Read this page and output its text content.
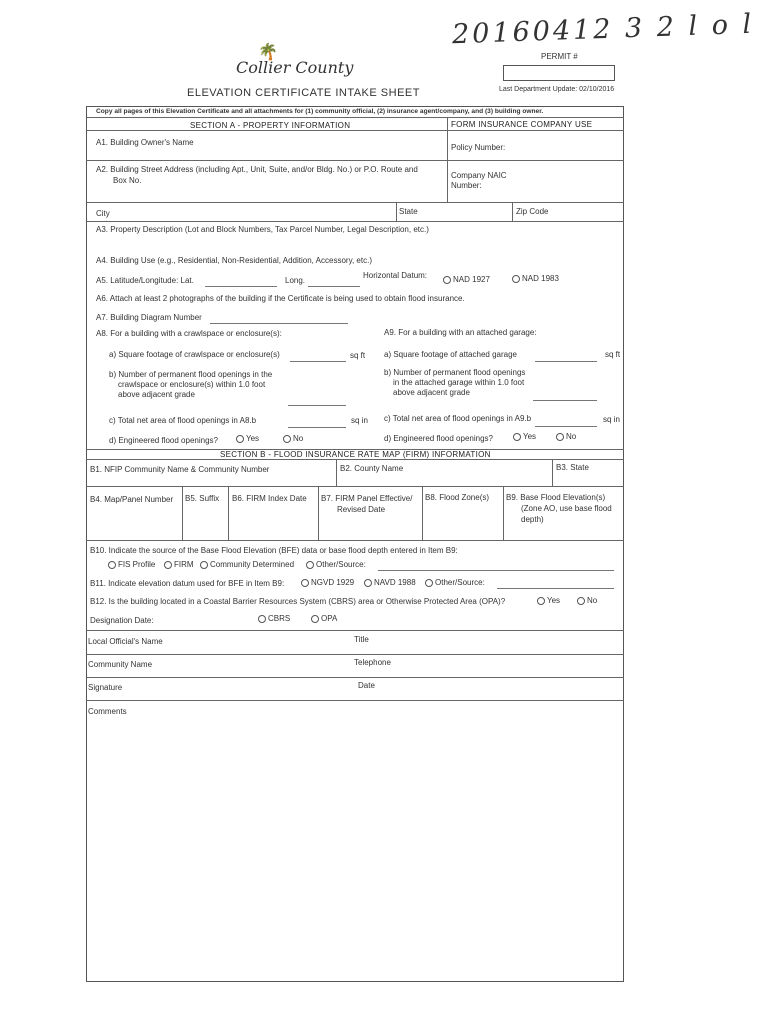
20160412 3 2 l o l
🌴
Collier County
ELEVATION CERTIFICATE INTAKE SHEET
PERMIT #
Last Department Update: 02/10/2016
Copy all pages of this Elevation Certificate and all attachments for (1) community official, (2) insurance agent/company, and (3) building owner.
SECTION A - PROPERTY INFORMATION	FORM INSURANCE COMPANY USE
A1. Building Owner's Name
Policy Number:
A2. Building Street Address (including Apt., Unit, Suite, and/or Bldg. No.) or P.O. Route and
Box No.
Company NAIC
Number:
City	State	Zip Code
A3. Property Description (Lot and Block Numbers, Tax Parcel Number, Legal Description, etc.)
A4. Building Use (e.g., Residential, Non-Residential, Addition, Accessory, etc.)
A5. Latitude/Longitude: Lat.	Long.
Horizontal Datum:	NAD 1927	NAD 1983
A6. Attach at least 2 photographs of the building if the Certificate is being used to obtain flood insurance.
A7. Building Diagram Number
A8. For a building with a crawlspace or enclosure(s):	A9. For a building with an attached garage:
a) Square footage of crawlspace or enclosure(s)	sq ft a) Square footage of attached garage	sq ft
b) Number of permanent flood openings in the
crawlspace or enclosure(s) within 1.0 foot
above adjacent grade
b) Number of permanent flood openings
in the attached garage within 1.0 foot
above adjacent grade
c) Total net area of flood openings in A8.b	sq in c) Total net area of flood openings in A9.b	sq in
d) Engineered flood openings?	Yes	No	d) Engineered flood openings?	Yes	No
SECTION B - FLOOD INSURANCE RATE MAP (FIRM) INFORMATION
B1. NFIP Community Name & Community Number	B2. County Name	B3. State
B4. Map/Panel Number B5. Suffix B6. FIRM Index Date B7. FIRM Panel Effective/
Revised Date
B8. Flood Zone(s) B9. Base Flood Elevation(s)
(Zone AO, use base flood
depth)
B10. Indicate the source of the Base Flood Elevation (BFE) data or base flood depth entered in Item B9:
FIS Profile	FIRM	Community Determined	Other/Source:
B11. Indicate elevation datum used for BFE in Item B9:	NGVD 1929	NAVD 1988	Other/Source:
B12. Is the building located in a Coastal Barrier Resources System (CBRS) area or Otherwise Protected Area (OPA)?	Yes	No
Designation Date:	CBRS	OPA
Local Official's Name	Title
Community Name	Telephone
Signature	Date
Comments
